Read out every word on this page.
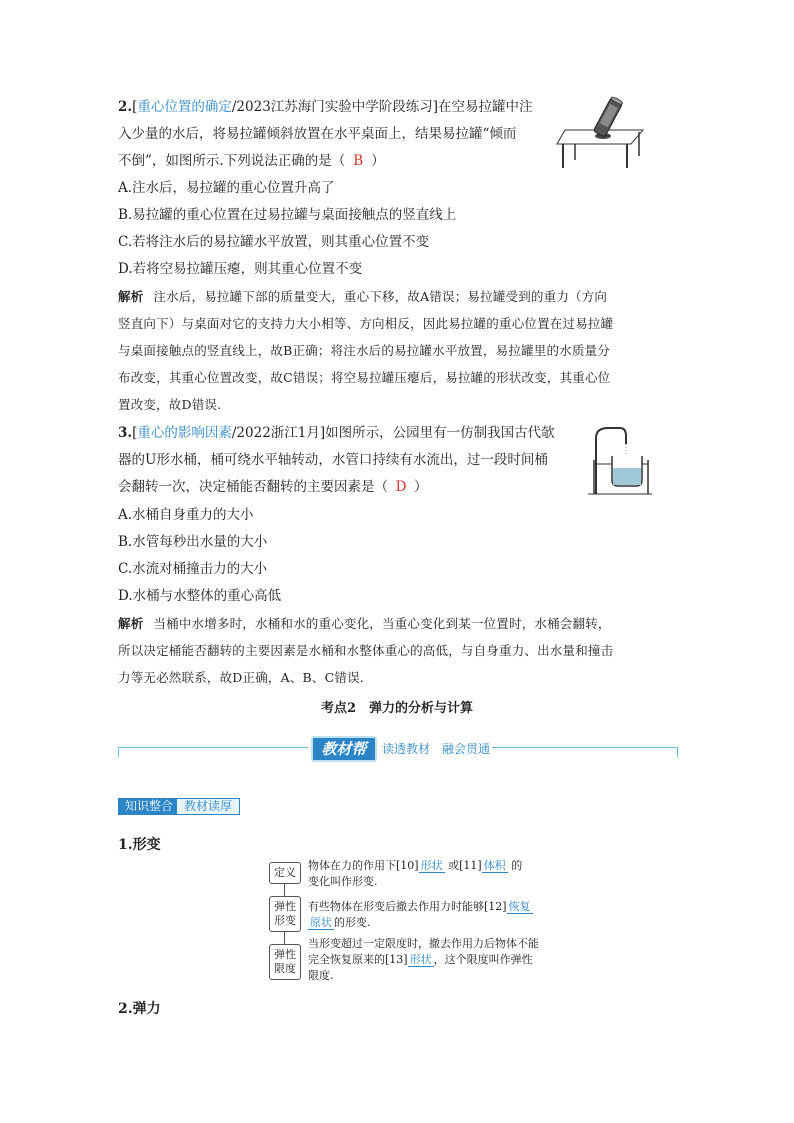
2.[重心位置的确定/2023江苏海门实验中学阶段练习]在空易拉罐中注
入少量的水后，将易拉罐倾斜放置在水平桌面上，结果易拉罐“倾而
不倒”，如图所示.下列说法正确的是（ B ）
A.注水后，易拉罐的重心位置升高了
B.易拉罐的重心位置在过易拉罐与桌面接触点的竖直线上
C.若将注水后的易拉罐水平放置，则其重心位置不变
D.若将空易拉罐压瘪，则其重心位置不变
解析 注水后，易拉罐下部的质量变大，重心下移，故A错误；易拉罐受到的重力（方向
竖直向下）与桌面对它的支持力大小相等、方向相反，因此易拉罐的重心位置在过易拉罐
与桌面接触点的竖直线上，故B正确；将注水后的易拉罐水平放置，易拉罐里的水质量分
布改变，其重心位置改变，故C错误；将空易拉罐压瘪后，易拉罐的形状改变，其重心位
置改变，故D错误.
3.[重心的影响因素/2022浙江1月]如图所示，公园里有一仿制我国古代欹
器的U形水桶，桶可绕水平轴转动，水管口持续有水流出，过一段时间桶
会翻转一次，决定桶能否翻转的主要因素是（ D ）
A.水桶自身重力的大小
B.水管每秒出水量的大小
C.水流对桶撞击力的大小
D.水桶与水整体的重心高低
解析 当桶中水增多时，水桶和水的重心变化，当重心变化到某一位置时，水桶会翻转，
所以决定桶能否翻转的主要因素是水桶和水整体重心的高低，与自身重力、出水量和撞击
力等无必然联系，故D正确，A、B、C错误.
考点2　弹力的分析与计算
教材帮	读透教材　融会贯通
知识整合 教材读厚
1.形变
定义
物体在力的作用下[10] 形状 或[11] 体积 的
变化叫作形变.
弹性
形变
有些物体在形变后撤去作用力时能够[12] 恢复
原状 的形变.
弹性
限度
当形变超过一定限度时，撤去作用力后物体不能
完全恢复原来的[13] 形状 ，这个限度叫作弹性
限度.
2.弹力
